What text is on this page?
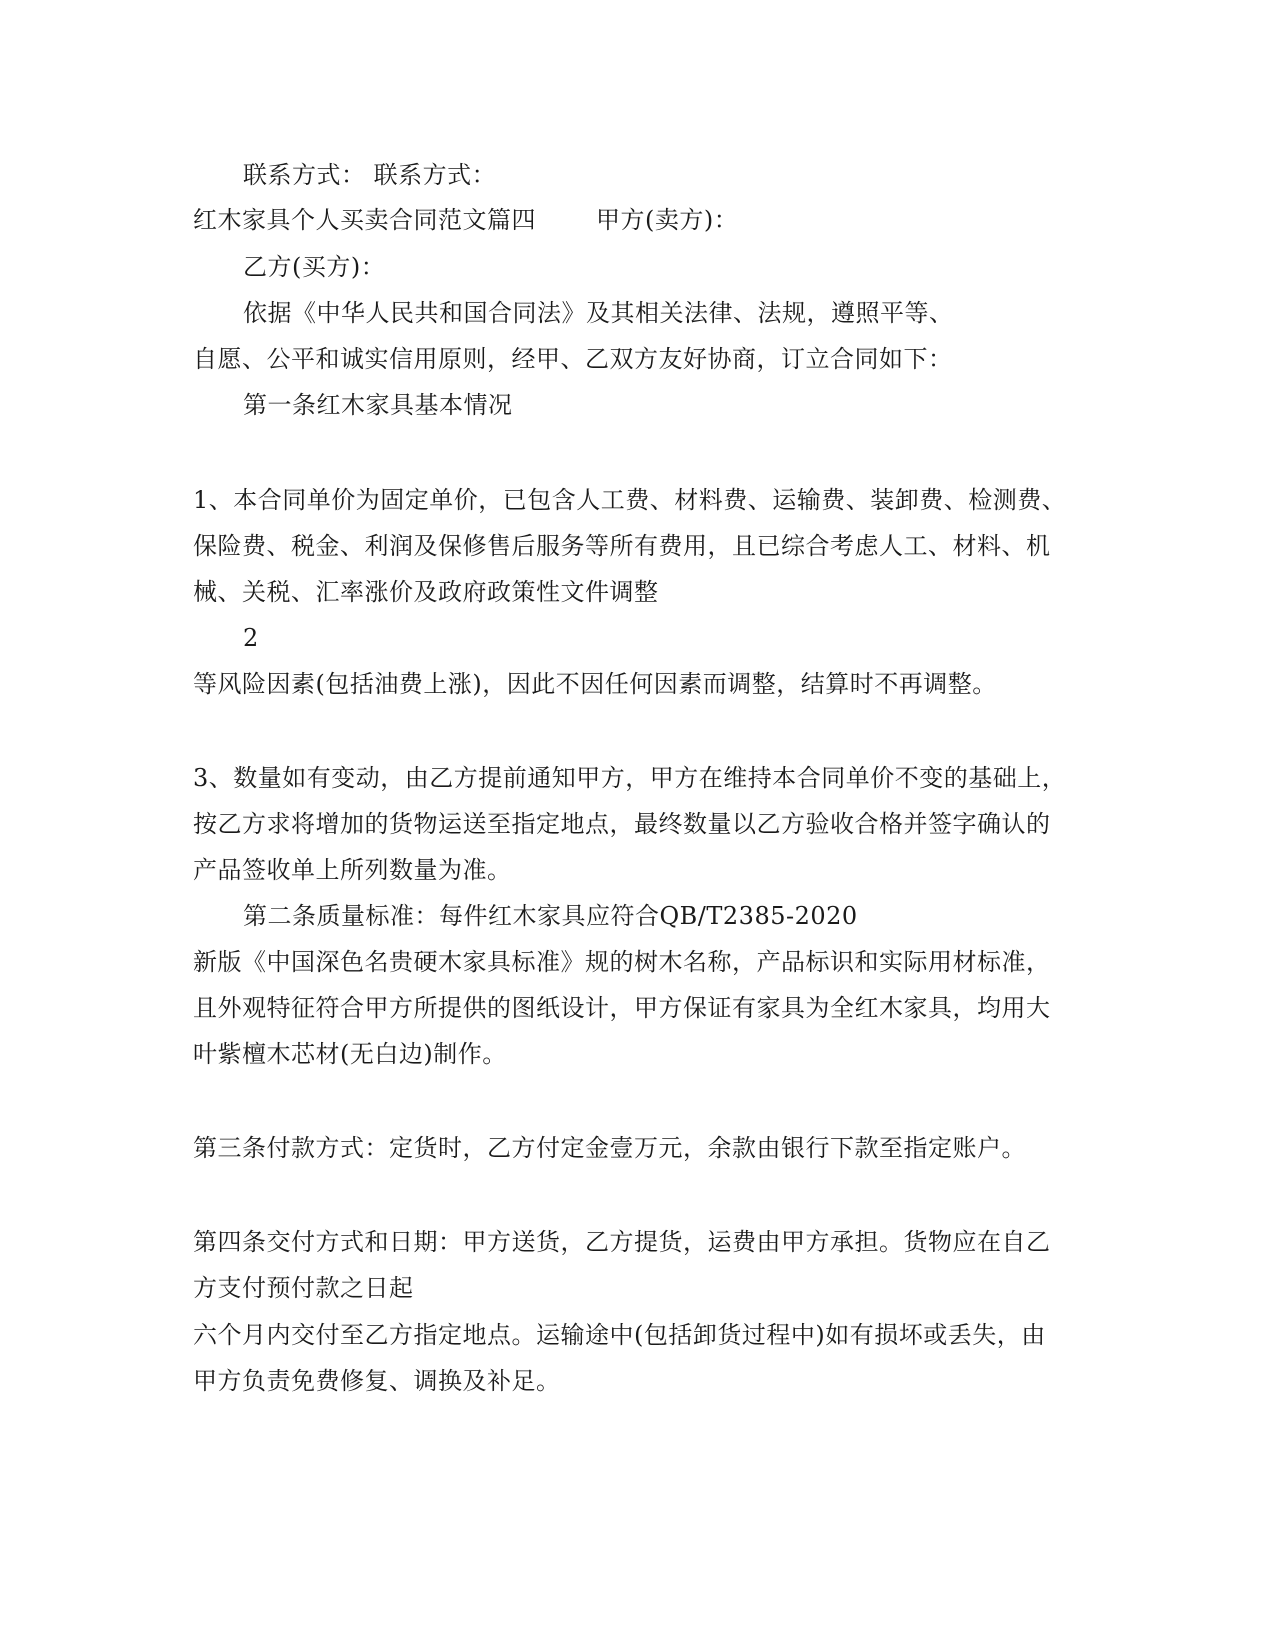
联系方式： 联系方式：
红木家具个人买卖合同范文篇四	甲方(卖方)：
乙方(买方)：
依据《中华人民共和国合同法》及其相关法律、法规，遵照平等、
自愿、公平和诚实信用原则，经甲、乙双方友好协商，订立合同如下：
第一条红木家具基本情况
1、本合同单价为固定单价，已包含人工费、材料费、运输费、装卸费、检测费、
保险费、税金、利润及保修售后服务等所有费用，且已综合考虑人工、材料、机
械、关税、汇率涨价及政府政策性文件调整
2
等风险因素(包括油费上涨)，因此不因任何因素而调整，结算时不再调整。
3、数量如有变动，由乙方提前通知甲方，甲方在维持本合同单价不变的基础上，
按乙方求将增加的货物运送至指定地点，最终数量以乙方验收合格并签字确认的
产品签收单上所列数量为准。
第二条质量标准：每件红木家具应符合QB/T2385-2020
新版《中国深色名贵硬木家具标准》规的树木名称，产品标识和实际用材标准，
且外观特征符合甲方所提供的图纸设计，甲方保证有家具为全红木家具，均用大
叶紫檀木芯材(无白边)制作。
第三条付款方式：定货时，乙方付定金壹万元，余款由银行下款至指定账户。
第四条交付方式和日期：甲方送货，乙方提货，运费由甲方承担。货物应在自乙
方支付预付款之日起
六个月内交付至乙方指定地点。运输途中(包括卸货过程中)如有损坏或丢失，由
甲方负责免费修复、调换及补足。
